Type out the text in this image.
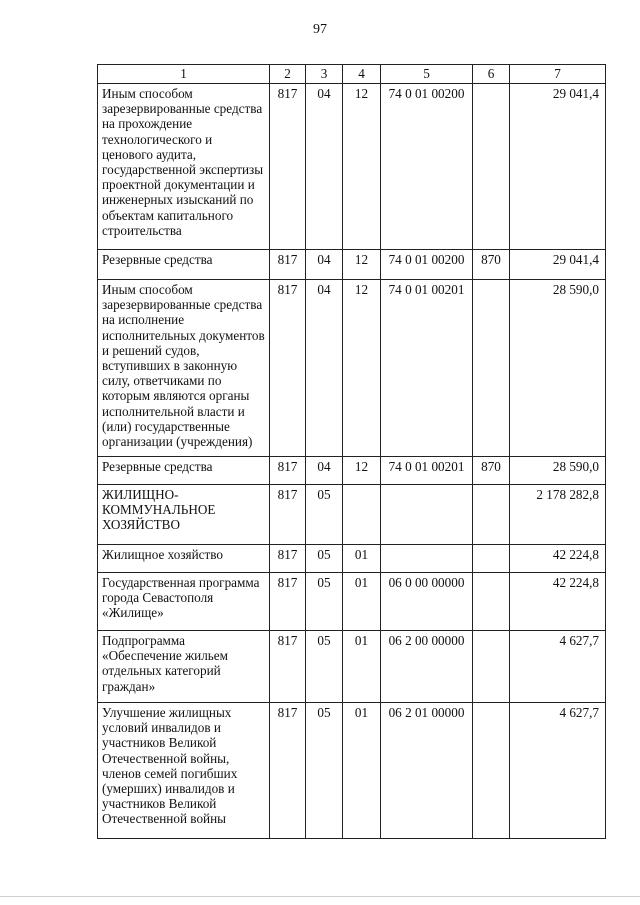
97
1	2	3	4	5	6	7
Иным способом зарезервированные средства на прохождение технологического и ценового аудита, государственной экспертизы проектной документации и инженерных изысканий по объектам капитального строительства	817	04	12	74 0 01 00200		29 041,4
Резервные средства	817	04	12	74 0 01 00200	870	29 041,4
Иным способом зарезервированные средства на исполнение исполнительных документов и решений судов, вступивших в законную силу, ответчиками по которым являются органы исполнительной власти и (или) государственные организации (учреждения)	817	04	12	74 0 01 00201		28 590,0
Резервные средства	817	04	12	74 0 01 00201	870	28 590,0
ЖИЛИЩНО-КОММУНАЛЬНОЕ ХОЗЯЙСТВО	817	05				2 178 282,8
Жилищное хозяйство	817	05	01			42 224,8
Государственная программа города Севастополя «Жилище»	817	05	01	06 0 00 00000		42 224,8
Подпрограмма «Обеспечение жильем отдельных категорий граждан»	817	05	01	06 2 00 00000		4 627,7
Улучшение жилищных условий инвалидов и участников Великой Отечественной войны, членов семей погибших (умерших) инвалидов и участников Великой Отечественной войны	817	05	01	06 2 01 00000		4 627,7
